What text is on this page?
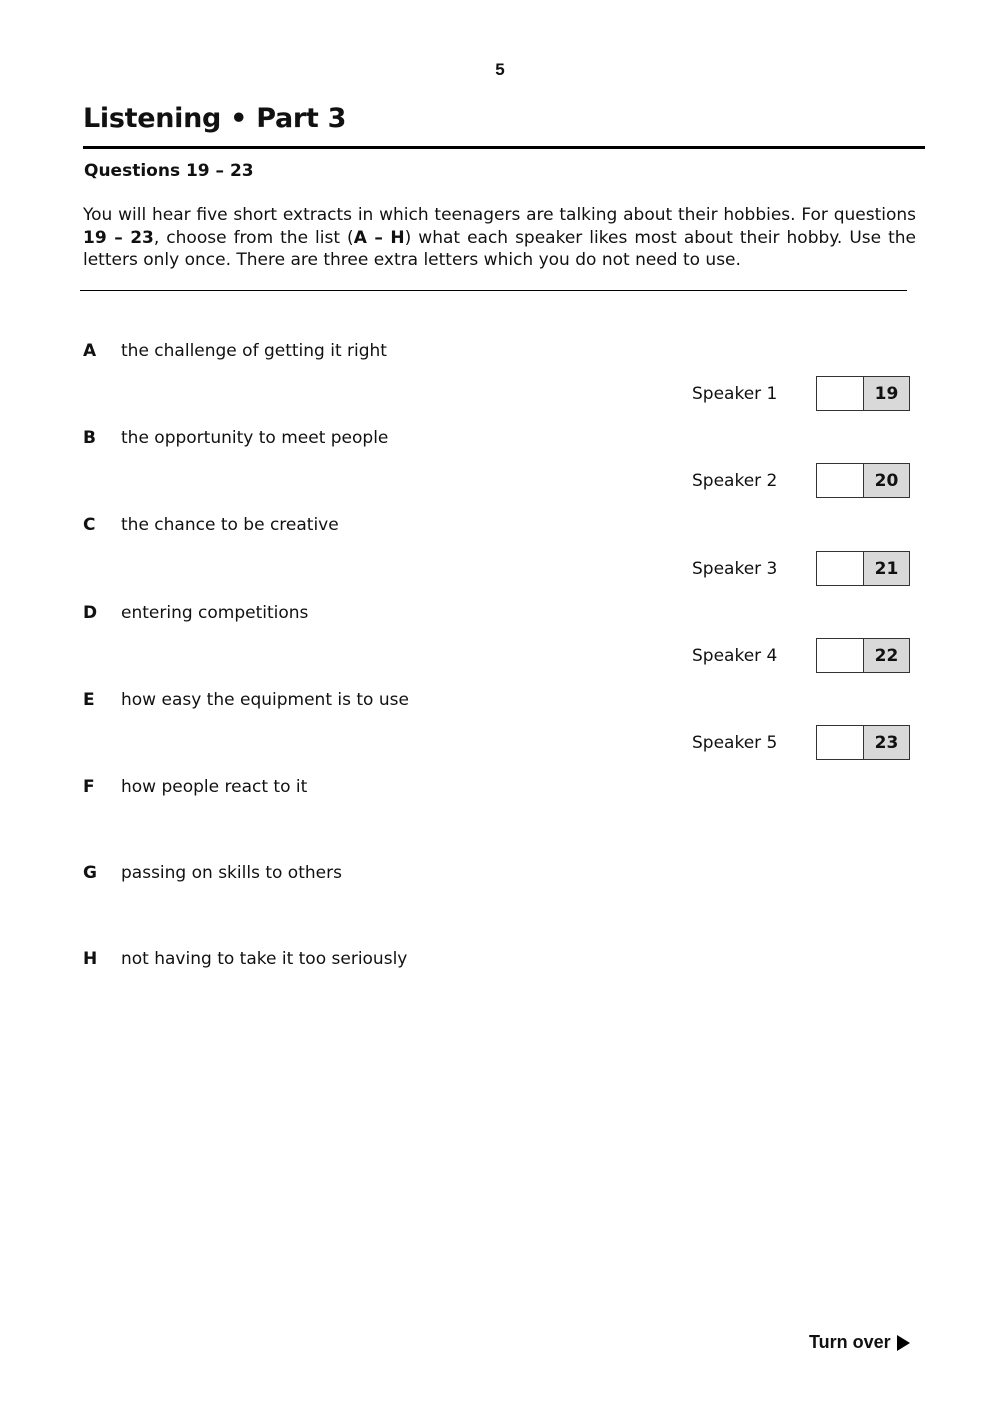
5
Listening • Part 3
Questions 19 – 23
You will hear five short extracts in which teenagers are talking about their hobbies. For questions 19 – 23, choose from the list (A – H) what each speaker likes most about their hobby. Use the letters only once. There are three extra letters which you do not need to use.
A the challenge of getting it right
B the opportunity to meet people
C the chance to be creative
D entering competitions
E how easy the equipment is to use
F how people react to it
G passing on skills to others
H not having to take it too seriously
Speaker 1	19
Speaker 2	20
Speaker 3	21
Speaker 4	22
Speaker 5	23
Turn over
